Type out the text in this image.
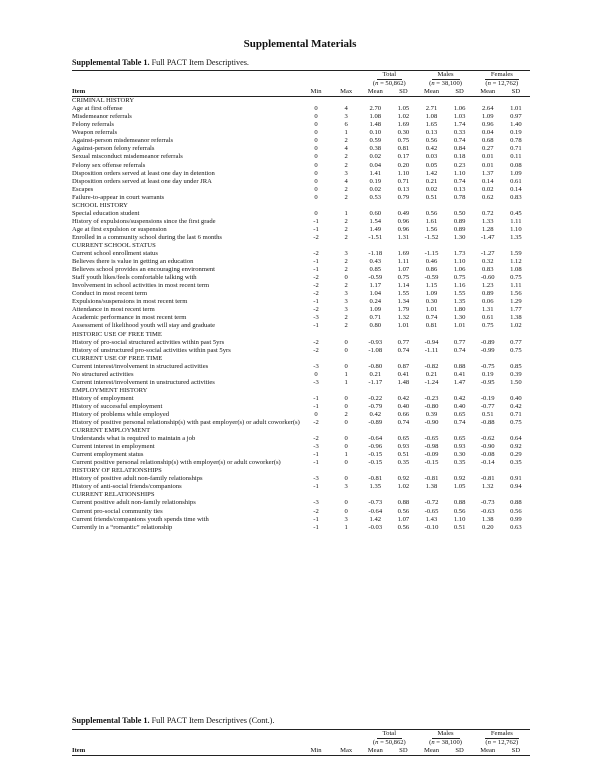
Supplemental Materials
Supplemental Table 1. Full PACT Item Descriptives.
			Total		Males		Females	
			(n = 50,862)		(n = 38,100)		(n = 12,762)	
Item	Min	Max	Mean	SD	Mean	SD	Mean	SD
CRIMINAL HISTORY								
Age at first offense	0	4	2.70	1.05	2.71	1.06	2.64	1.01
Misdemeanor referrals	0	3	1.08	1.02	1.08	1.03	1.09	0.97
Felony referrals	0	6	1.48	1.69	1.65	1.74	0.96	1.40
Weapon referrals	0	1	0.10	0.30	0.13	0.33	0.04	0.19
Against-person misdemeanor referrals	0	2	0.59	0.75	0.56	0.74	0.68	0.78
Against-person felony referrals	0	4	0.38	0.81	0.42	0.84	0.27	0.71
Sexual misconduct misdemeanor referrals	0	2	0.02	0.17	0.03	0.18	0.01	0.11
Felony sex offense referrals	0	2	0.04	0.20	0.05	0.23	0.01	0.08
Disposition orders served at least one day in detention	0	3	1.41	1.10	1.42	1.10	1.37	1.09
Disposition orders served at least one day under JRA	0	4	0.19	0.71	0.21	0.74	0.14	0.61
Escapes	0	2	0.02	0.13	0.02	0.13	0.02	0.14
Failure-to-appear in court warrants	0	2	0.53	0.79	0.51	0.78	0.62	0.83
SCHOOL HISTORY								
Special education student	0	1	0.60	0.49	0.56	0.50	0.72	0.45
History of expulsions/suspensions since the first grade	-1	2	1.54	0.96	1.61	0.89	1.33	1.11
Age at first expulsion or suspension	-1	2	1.49	0.96	1.56	0.89	1.28	1.10
Enrolled in a community school during the last 6 months	-2	2	-1.51	1.31	-1.52	1.30	-1.47	1.35
CURRENT SCHOOL STATUS								
Current school enrollment status	-2	3	-1.18	1.69	-1.15	1.73	-1.27	1.59
Believes there is value in getting an education	-1	2	0.43	1.11	0.46	1.10	0.32	1.12
Believes school provides an encouraging environment	-1	2	0.85	1.07	0.86	1.06	0.83	1.08
Staff youth likes/feels comfortable talking with	-2	0	-0.59	0.75	-0.59	0.75	-0.60	0.75
Involvement in school activities in most recent term	-2	2	1.17	1.14	1.15	1.16	1.23	1.11
Conduct in most recent term	-2	3	1.04	1.55	1.09	1.55	0.89	1.56
Expulsions/suspensions in most recent term	-1	3	0.24	1.34	0.30	1.35	0.06	1.29
Attendance in most recent term	-2	3	1.09	1.79	1.01	1.80	1.31	1.77
Academic performance in most recent term	-3	2	0.71	1.32	0.74	1.30	0.61	1.38
Assessment of likelihood youth will stay and graduate	-1	2	0.80	1.01	0.81	1.01	0.75	1.02
HISTORIC USE OF FREE TIME								
History of pro-social structured activities within past 5yrs	-2	0	-0.93	0.77	-0.94	0.77	-0.89	0.77
History of unstructured pro-social activities within past 5yrs	-2	0	-1.08	0.74	-1.11	0.74	-0.99	0.75
CURRENT USE OF FREE TIME								
Current interest/involvement in structured activities	-3	0	-0.80	0.87	-0.82	0.88	-0.75	0.85
No structured activities	0	1	0.21	0.41	0.21	0.41	0.19	0.39
Current interest/involvement in unstructured activities	-3	1	-1.17	1.48	-1.24	1.47	-0.95	1.50
EMPLOYMENT HISTORY								
History of employment	-1	0	-0.22	0.42	-0.23	0.42	-0.19	0.40
History of successful employment	-1	0	-0.79	0.40	-0.80	0.40	-0.77	0.42
History of problems while employed	0	2	0.42	0.66	0.39	0.65	0.51	0.71
History of positive personal relationship(s) with past employer(s) or adult coworker(s)	-2	0	-0.89	0.74	-0.90	0.74	-0.88	0.75
CURRENT EMPLOYMENT								
Understands what is required to maintain a job	-2	0	-0.64	0.65	-0.65	0.65	-0.62	0.64
Current interest in employment	-3	0	-0.96	0.93	-0.98	0.93	-0.90	0.92
Current employment status	-1	1	-0.15	0.51	-0.09	0.30	-0.08	0.29
Current positive personal relationship(s) with employer(s) or adult coworker(s)	-1	0	-0.15	0.35	-0.15	0.35	-0.14	0.35
HISTORY OF RELATIONSHIPS								
History of positive adult non-family relationships	-3	0	-0.81	0.92	-0.81	0.92	-0.81	0.91
History of anti-social friends/companions	-1	3	1.35	1.02	1.38	1.05	1.32	0.94
CURRENT RELATIONSHIPS								
Current positive adult non-family relationships	-3	0	-0.73	0.88	-0.72	0.88	-0.73	0.88
Current pro-social community ties	-2	0	-0.64	0.56	-0.65	0.56	-0.63	0.56
Current friends/companions youth spends time with	-1	3	1.42	1.07	1.43	1.10	1.38	0.99
Currently in a “romantic” relationship	-1	1	-0.03	0.56	-0.10	0.51	0.20	0.63
Supplemental Table 1. Full PACT Item Descriptives (Cont.).
			Total		Males		Females	
			(n = 50,862)		(n = 38,100)		(n = 12,762)	
Item	Min	Max	Mean	SD	Mean	SD	Mean	SD
